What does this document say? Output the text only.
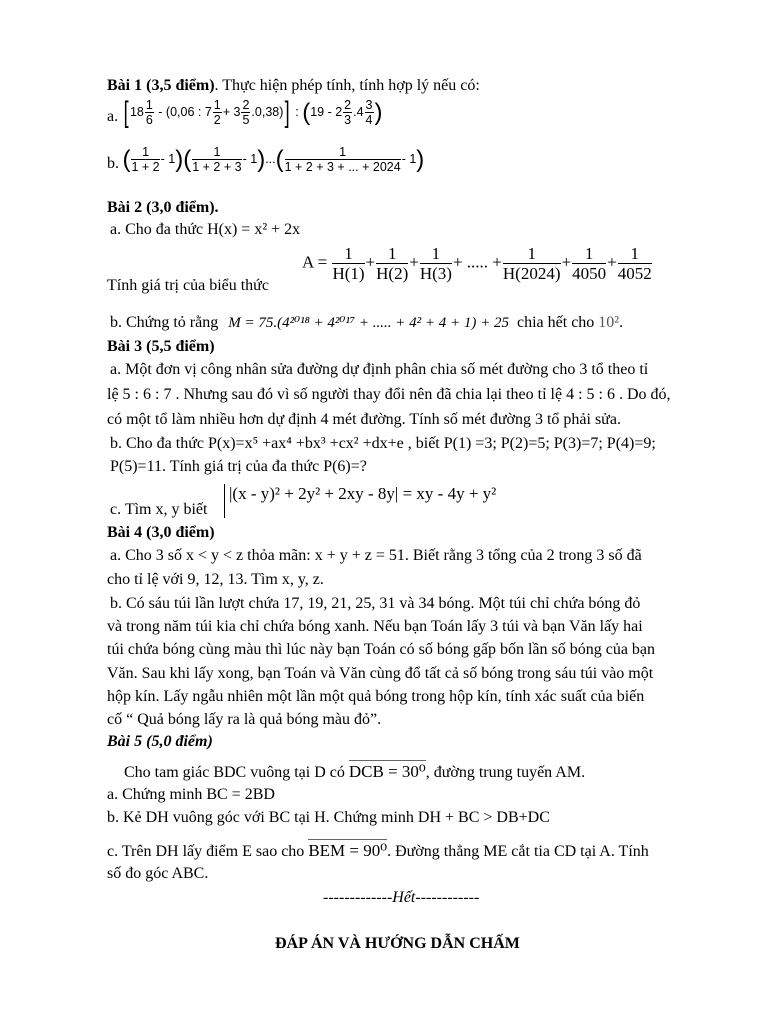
Bài 1 (3,5 điểm). Thực hiện phép tính, tính hợp lý nếu có:
a. [ $18 \frac{1}{6} - (0,06$ : $7 \frac{1}{2} + 3 \frac{2}{5} .0,38$)] : ($19 - 2 \frac{2}{3} .4 \frac{3}{4}$ )
b. ( $\frac{1}{1 + 2} - 1)( \frac{1}{1 + 2 + 3} - 1)...( \frac{1}{1 + 2 + 3 + ... + 2024} - 1)$
Bài 2 (3,0 điểm).
a. Cho đa thức H(x) = x² + 2x
Tính giá trị của biểu thức
$A = \frac{1}{H(1)} + \frac{1}{H(2)} + \frac{1}{H(3)}$ + ..... + $\frac{1}{H(2024)} + \frac{1}{4050} + \frac{1}{4052}$
b. Chứng tỏ rằng M = 75.(4²⁰¹⁸ + 4²⁰¹⁷ + ..... + 4² + 4 + 1) + 25 chia hết cho 10².
Bài 3 (5,5 điểm)
a. Một đơn vị công nhân sửa đường dự định phân chia số mét đường cho 3 tổ theo tỉ
lệ 5 : 6 : 7 . Nhưng sau đó vì số người thay đổi nên đã chia lại theo tỉ lệ 4 : 5 : 6 . Do đó,
có một tổ làm nhiều hơn dự định 4 mét đường. Tính số mét đường 3 tổ phải sửa.
b. Cho đa thức P(x)=x⁵ +ax⁴ +bx³ +cx² +dx+e , biết P(1) =3; P(2)=5; P(3)=7; P(4)=9;
P(5)=11. Tính giá trị của đa thức P(6)=?
c. Tìm x, y biết
|(x - y)² + 2y² + 2xy - 8y| = xy - 4y + y²
Bài 4 (3,0 điểm)
a. Cho 3 số x < y < z thỏa mãn: x + y + z = 51. Biết rằng 3 tổng của 2 trong 3 số đã
cho tỉ lệ với 9, 12, 13. Tìm x, y, z.
b. Có sáu túi lần lượt chứa 17, 19, 21, 25, 31 và 34 bóng. Một túi chỉ chứa bóng đỏ
và trong năm túi kia chỉ chứa bóng xanh. Nếu bạn Toán lấy 3 túi và bạn Văn lấy hai
túi chứa bóng cùng màu thì lúc này bạn Toán có số bóng gấp bốn lần số bóng của bạn
Văn. Sau khi lấy xong, bạn Toán và Văn cùng đổ tất cả số bóng trong sáu túi vào một
hộp kín. Lấy ngẫu nhiên một lần một quả bóng trong hộp kín, tính xác suất của biến
cố “ Quả bóng lấy ra là quả bóng màu đỏ”.
Bài 5 (5,0 điểm)
Cho tam giác BDC vuông tại D có DCB = 30⁰, đường trung tuyến AM.
a. Chứng minh BC = 2BD
b. Kẻ DH vuông góc với BC tại H. Chứng minh DH + BC > DB+DC
c. Trên DH lấy điểm E sao cho BEM = 90⁰. Đường thẳng ME cắt tia CD tại A. Tính
số đo góc ABC.
-------------Hết------------
ĐÁP ÁN VÀ HƯỚNG DẪN CHẤM
